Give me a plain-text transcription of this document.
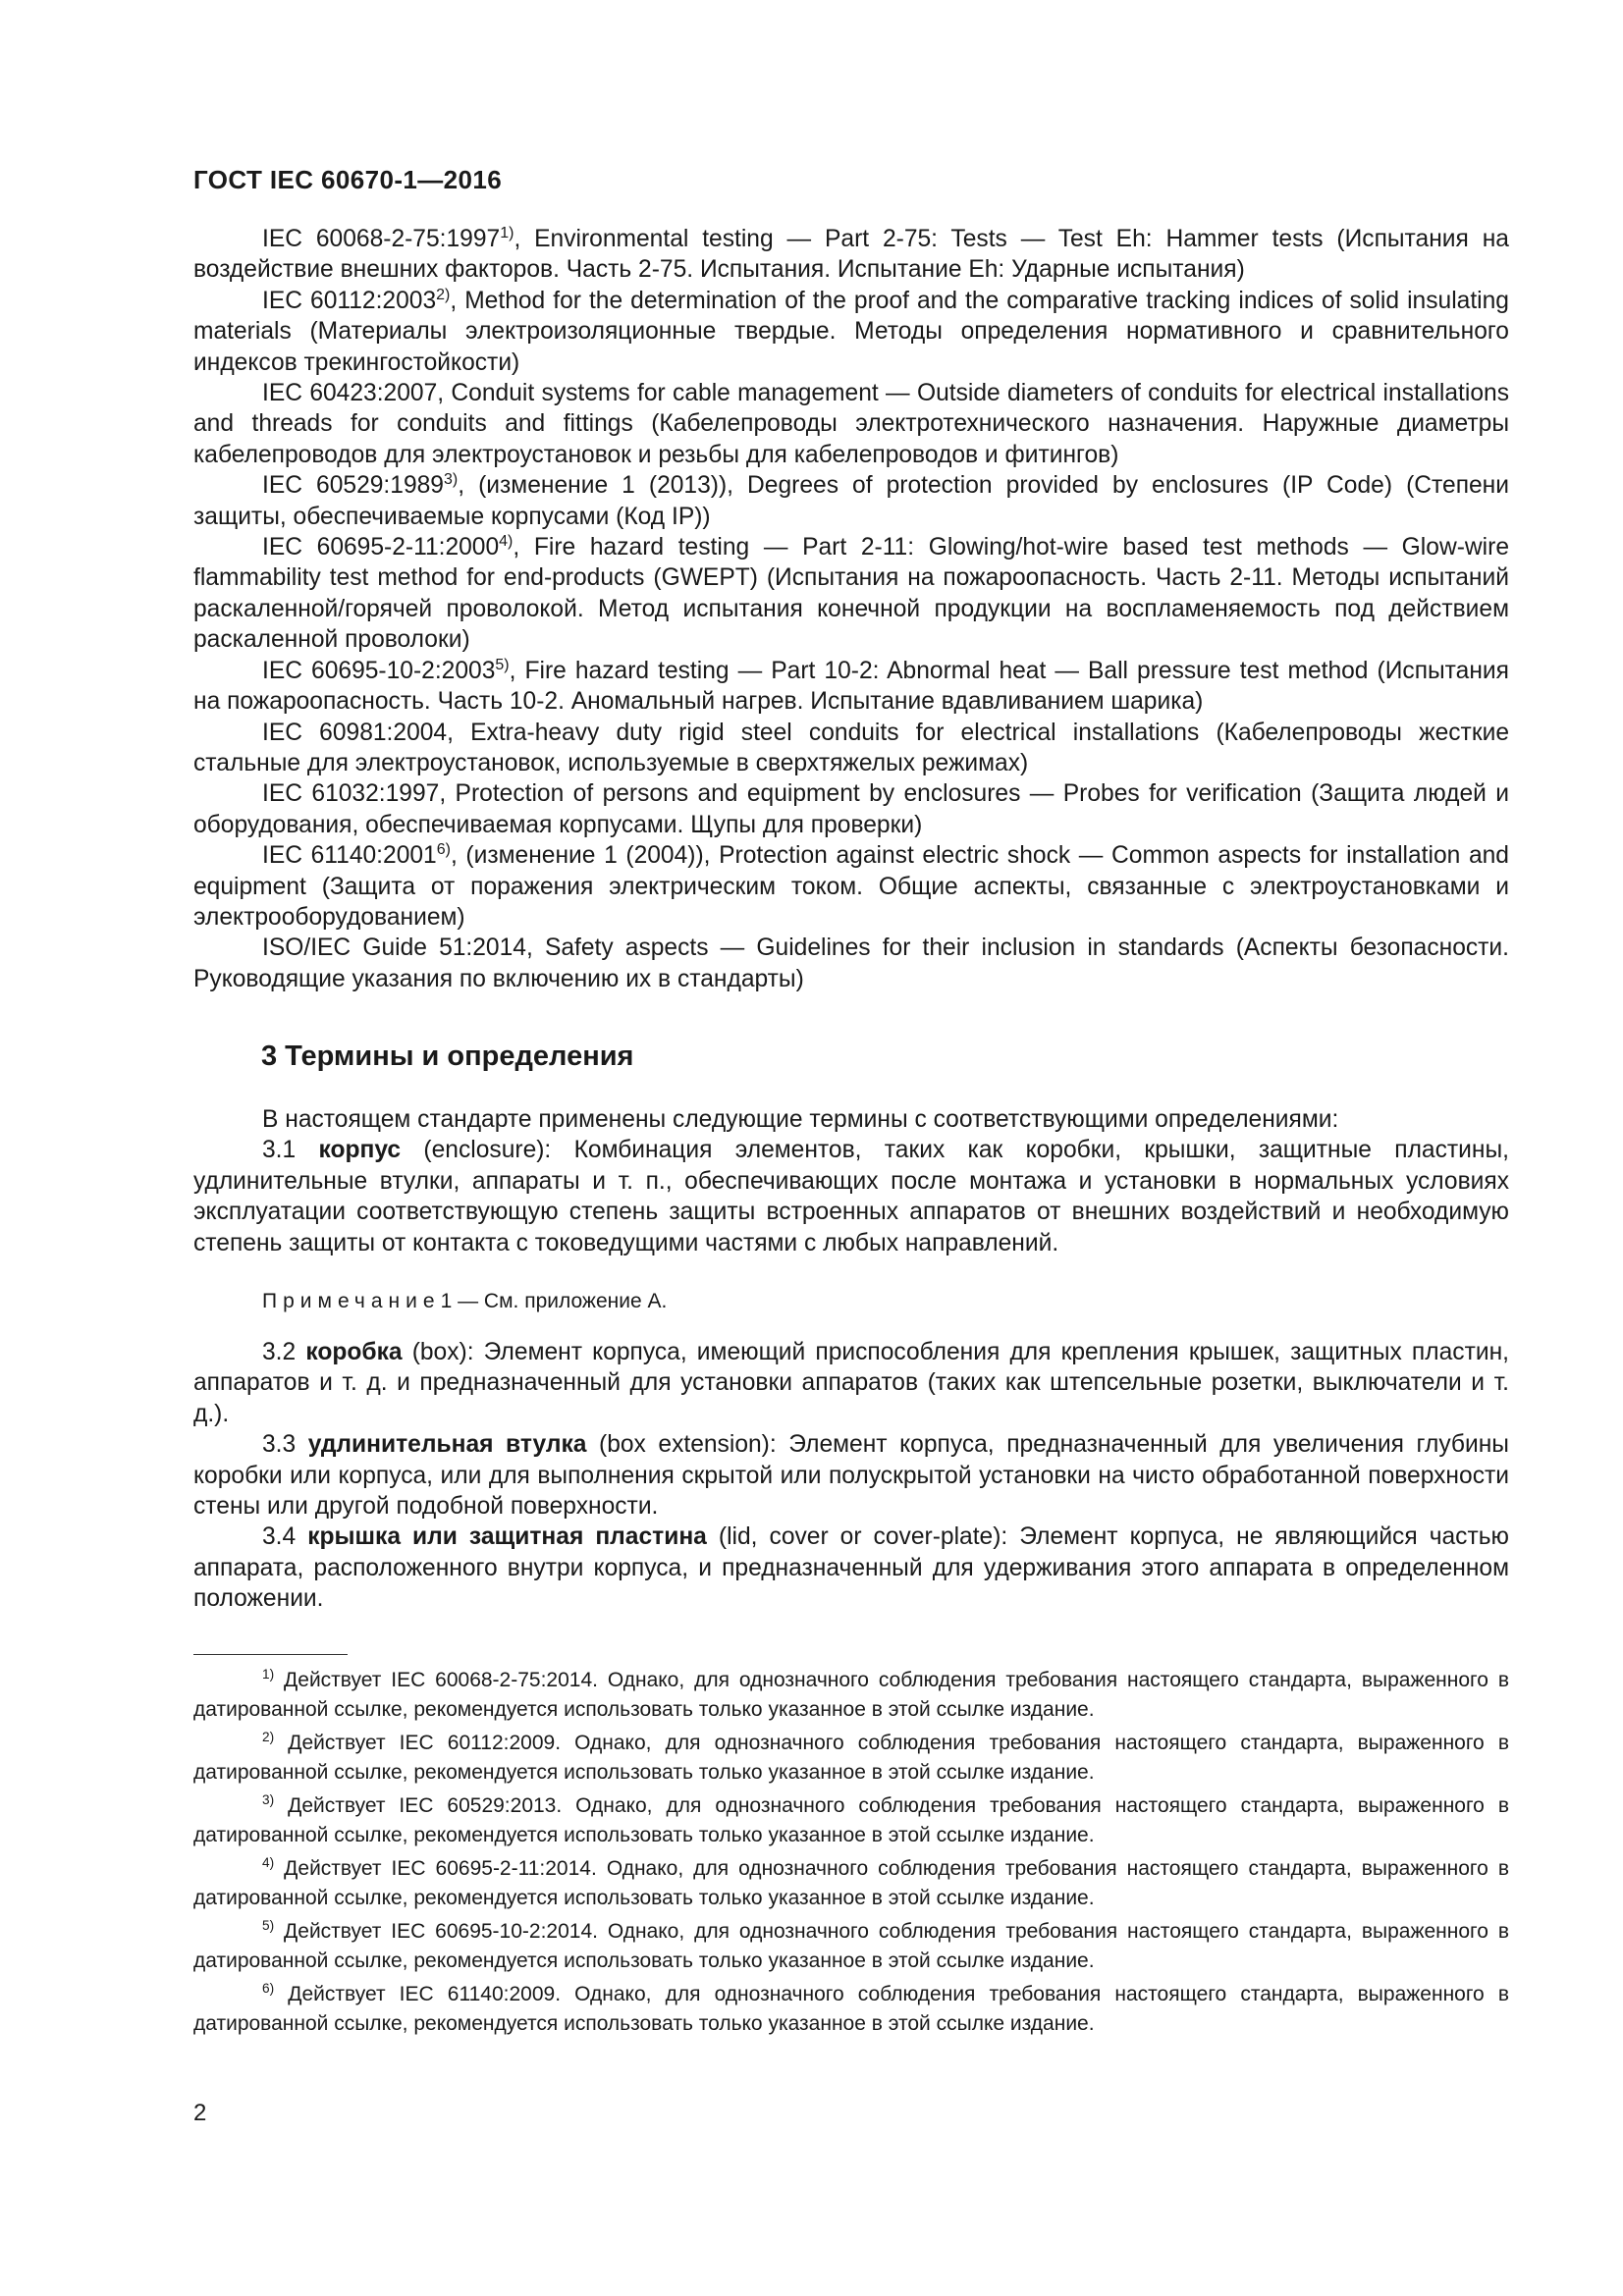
ГОСТ IEC 60670-1—2016

IEC 60068-2-75:1997$^{1)}$, Environmental testing — Part 2-75: Tests — Test Eh: Hammer tests (Испытания на воздействие внешних факторов. Часть 2-75. Испытания. Испытание Eh: Ударные испытания)

IEC 60112:2003$^{2)}$, Method for the determination of the proof and the comparative tracking indices of solid insulating materials (Материалы электроизоляционные твердые. Методы определения нормативного и сравнительного индексов трекингостойкости)

IEC 60423:2007, Conduit systems for cable management — Outside diameters of conduits for electrical installations and threads for conduits and fittings (Кабелепроводы электротехнического назначения. Наружные диаметры кабелепроводов для электроустановок и резьбы для кабелепроводов и фитингов)

IEC 60529:1989$^{3)}$, (изменение 1 (2013)), Degrees of protection provided by enclosures (IP Code) (Степени защиты, обеспечиваемые корпусами (Код IP))

IEC 60695-2-11:2000$^{4)}$, Fire hazard testing — Part 2-11: Glowing/hot-wire based test methods — Glow-wire flammability test method for end-products (GWEPT) (Испытания на пожароопасность. Часть 2-11. Методы испытаний раскаленной/горячей проволокой. Метод испытания конечной продукции на воспламеняемость под действием раскаленной проволоки)

IEC 60695-10-2:2003$^{5)}$, Fire hazard testing — Part 10-2: Abnormal heat — Ball pressure test method (Испытания на пожароопасность. Часть 10-2. Аномальный нагрев. Испытание вдавливанием шарика)

IEC 60981:2004, Extra-heavy duty rigid steel conduits for electrical installations (Кабелепроводы жесткие стальные для электроустановок, используемые в сверхтяжелых режимах)

IEC 61032:1997, Protection of persons and equipment by enclosures — Probes for verification (Защита людей и оборудования, обеспечиваемая корпусами. Щупы для проверки)

IEC 61140:2001$^{6)}$, (изменение 1 (2004)), Protection against electric shock — Common aspects for installation and equipment (Защита от поражения электрическим током. Общие аспекты, связанные с электроустановками и электрооборудованием)

ISO/IEC Guide 51:2014, Safety aspects — Guidelines for their inclusion in standards (Аспекты безопасности. Руководящие указания по включению их в стандарты)

3 Термины и определения

В настоящем стандарте применены следующие термины с соответствующими определениями:

3.1 корпус (enclosure): Комбинация элементов, таких как коробки, крышки, защитные пластины, удлинительные втулки, аппараты и т. п., обеспечивающих после монтажа и установки в нормальных условиях эксплуатации соответствующую степень защиты встроенных аппаратов от внешних воздействий и необходимую степень защиты от контакта с токоведущими частями с любых направлений.

Примечание1 — См. приложение А.

3.2 коробка (box): Элемент корпуса, имеющий приспособления для крепления крышек, защитных пластин, аппаратов и т. д. и предназначенный для установки аппаратов (таких как штепсельные розетки, выключатели и т. д.).

3.3 удлинительная втулка (box extension): Элемент корпуса, предназначенный для увеличения глубины коробки или корпуса, или для выполнения скрытой или полускрытой установки на чисто обработанной поверхности стены или другой подобной поверхности.

3.4 крышка или защитная пластина (lid, cover or cover-plate): Элемент корпуса, не являющийся частью аппарата, расположенного внутри корпуса, и предназначенный для удерживания этого аппарата в определенном положении.

$^{1)}$ Действует IEC 60068-2-75:2014. Однако, для однозначного соблюдения требования настоящего стандарта, выраженного в датированной ссылке, рекомендуется использовать только указанное в этой ссылке издание.

$^{2)}$ Действует IEC 60112:2009. Однако, для однозначного соблюдения требования настоящего стандарта, выраженного в датированной ссылке, рекомендуется использовать только указанное в этой ссылке издание.

$^{3)}$ Действует IEC 60529:2013. Однако, для однозначного соблюдения требования настоящего стандарта, выраженного в датированной ссылке, рекомендуется использовать только указанное в этой ссылке издание.

$^{4)}$ Действует IEC 60695-2-11:2014. Однако, для однозначного соблюдения требования настоящего стандарта, выраженного в датированной ссылке, рекомендуется использовать только указанное в этой ссылке издание.

$^{5)}$ Действует IEC 60695-10-2:2014. Однако, для однозначного соблюдения требования настоящего стандарта, выраженного в датированной ссылке, рекомендуется использовать только указанное в этой ссылке издание.

$^{6)}$ Действует IEC 61140:2009. Однако, для однозначного соблюдения требования настоящего стандарта, выраженного в датированной ссылке, рекомендуется использовать только указанное в этой ссылке издание.

2
